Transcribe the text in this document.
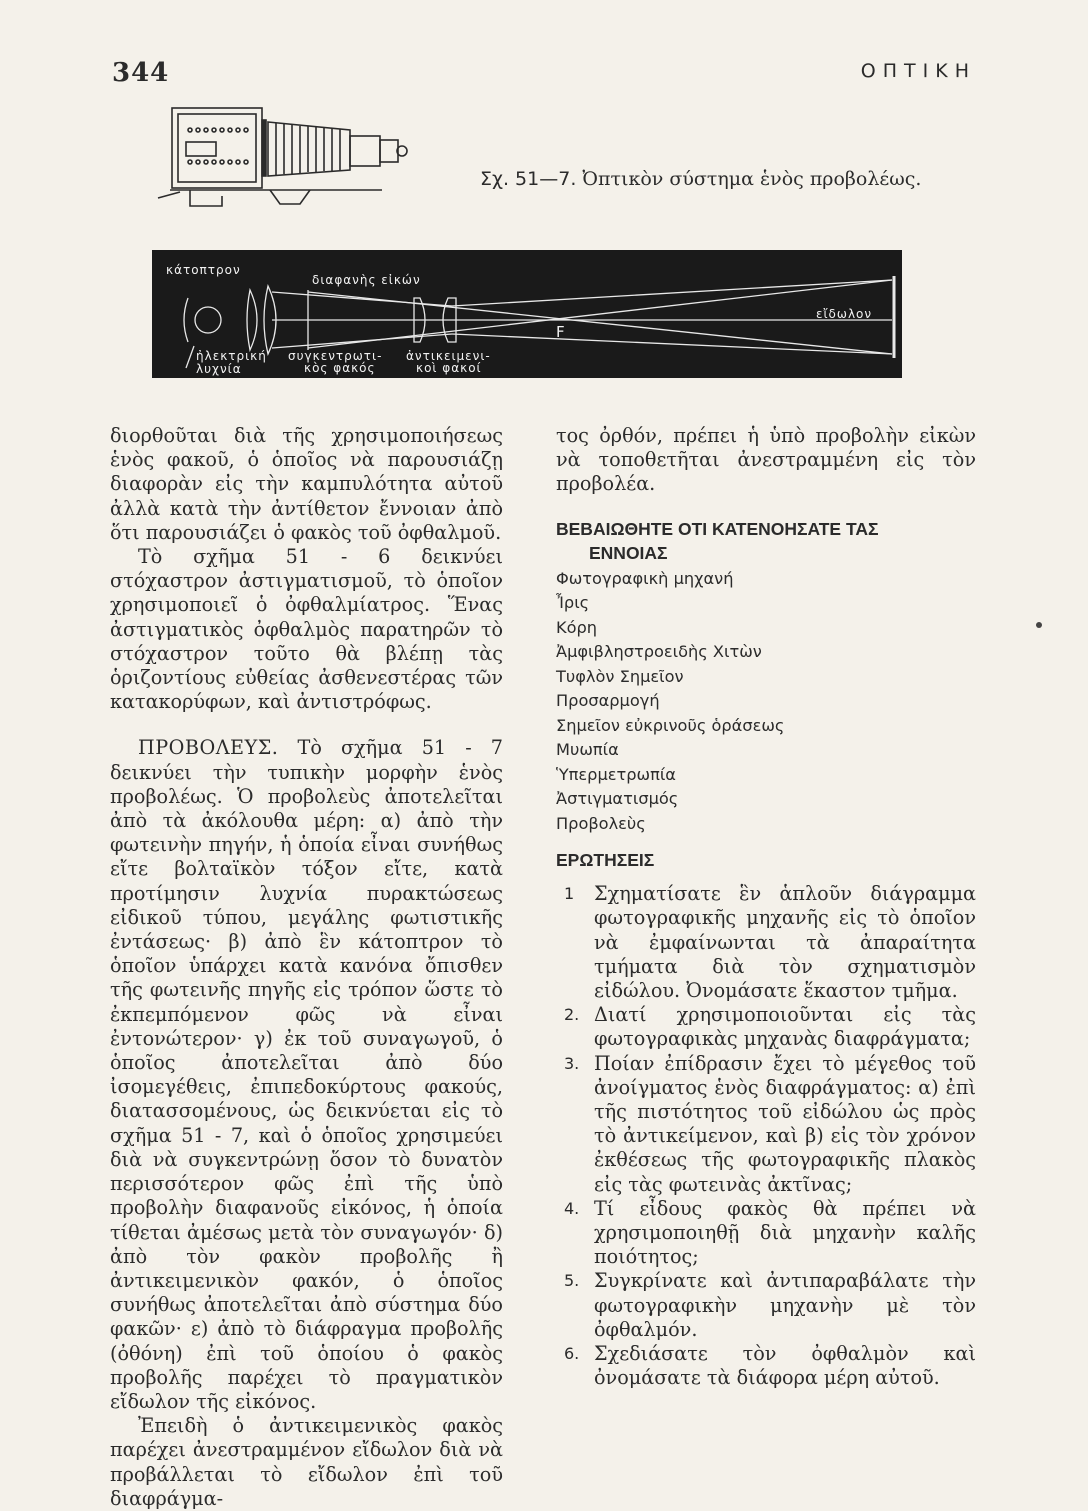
344	ΟΠΤΙΚΗ
Σχ. 51—7. Ὀπτικὸν σύστημα ἑνὸς προβολέως.
κάτοπτρον
διαφανὴς εἰκών
ἠλεκτρική
λυχνία
συγκεντρωτι-
κὸς φακός
ἀντικειμενι-
κοὶ φακοί
F
εἴδωλον

διορθοῦται διὰ τῆς χρησιμοποιήσεως ἑνὸς φακοῦ, ὁ ὁποῖος νὰ παρουσιάζῃ διαφορὰν εἰς τὴν καμπυλότητα αὐτοῦ ἀλλὰ κατὰ τὴν ἀντίθετον ἔννοιαν ἀπὸ ὅτι παρουσιάζει ὁ φακὸς τοῦ ὀφθαλμοῦ.

Τὸ σχῆμα 51 - 6 δεικνύει στόχαστρον ἀστιγματισμοῦ, τὸ ὁποῖον χρησιμοποιεῖ ὁ ὀφθαλμίατρος. Ἕνας ἀστιγματικὸς ὀφθαλμὸς παρατηρῶν τὸ στόχαστρον τοῦτο θὰ βλέπῃ τὰς ὁριζοντίους εὐθείας ἀσθενεστέρας τῶν κατακορύφων, καὶ ἀντιστρόφως.

ΠΡΟΒΟΛΕΥΣ. Τὸ σχῆμα 51 - 7 δεικνύει τὴν τυπικὴν μορφὴν ἑνὸς προβολέως. Ὁ προβολεὺς ἀποτελεῖται ἀπὸ τὰ ἀκόλουθα μέρη: α) ἀπὸ τὴν φωτεινὴν πηγήν, ἡ ὁποία εἶναι συνήθως εἴτε βολταϊκὸν τόξον εἴτε, κατὰ προτίμησιν λυχνία πυρακτώσεως εἰδικοῦ τύπου, μεγάλης φωτιστικῆς ἐντάσεως· β) ἀπὸ ἓν κάτοπτρον τὸ ὁποῖον ὑπάρχει κατὰ κανόνα ὄπισθεν τῆς φωτεινῆς πηγῆς εἰς τρόπον ὥστε τὸ ἐκπεμπόμενον φῶς νὰ εἶναι ἐντονώτερον· γ) ἐκ τοῦ συναγωγοῦ, ὁ ὁποῖος ἀποτελεῖται ἀπὸ δύο ἰσομεγέθεις, ἐπιπεδοκύρτους φακούς, διατασσομένους, ὡς δεικνύεται εἰς τὸ σχῆμα 51 - 7, καὶ ὁ ὁποῖος χρησιμεύει διὰ νὰ συγκεντρώνῃ ὅσον τὸ δυνατὸν περισσότερον φῶς ἐπὶ τῆς ὑπὸ προβολὴν διαφανοῦς εἰκόνος, ἡ ὁποία τίθεται ἀμέσως μετὰ τὸν συναγωγόν· δ) ἀπὸ τὸν φακὸν προβολῆς ἢ ἀντικειμενικὸν φακόν, ὁ ὁποῖος συνήθως ἀποτελεῖται ἀπὸ σύστημα δύο φακῶν· ε) ἀπὸ τὸ διάφραγμα προβολῆς (ὀθόνη) ἐπὶ τοῦ ὁποίου ὁ φακὸς προβολῆς παρέχει τὸ πραγματικὸν εἴδωλον τῆς εἰκόνος.

Ἐπειδὴ ὁ ἀντικειμενικὸς φακὸς παρέχει ἀνεστραμμένον εἴδωλον διὰ νὰ προβάλλεται τὸ εἴδωλον ἐπὶ τοῦ διαφράγμα-

τος ὀρθόν, πρέπει ἡ ὑπὸ προβολὴν εἰκὼν νὰ τοποθετῆται ἀνεστραμμένη εἰς τὸν προβολέα.

ΒΕΒΑΙΩΘΗΤΕ ΟΤΙ ΚΑΤΕΝΟΗΣΑΤΕ ΤΑΣ
ΕΝΝΟΙΑΣ
Φωτογραφικὴ μηχανή
Ἶρις
Κόρη
Ἀμφιβληστροειδὴς Χιτὼν
Τυφλὸν Σημεῖον
Προσαρμογή
Σημεῖον εὐκρινοῦς ὁράσεως
Μυωπία
Ὑπερμετρωπία
Ἀστιγματισμός
Προβολεὺς
ΕΡΩΤΗΣΕΙΣ
1	Σχηματίσατε ἓν ἁπλοῦν διάγραμμα φωτογραφικῆς μηχανῆς εἰς τὸ ὁποῖον νὰ ἐμφαίνωνται τὰ ἀπαραίτητα τμήματα διὰ τὸν σχηματισμὸν εἰδώλου. Ὀνομάσατε ἕκαστον τμῆμα.
2. Διατί χρησιμοποιοῦνται εἰς τὰς φωτογραφικὰς μηχανὰς διαφράγματα;
3. Ποίαν ἐπίδρασιν ἔχει τὸ μέγεθος τοῦ ἀνοίγματος ἑνὸς διαφράγματος: α) ἐπὶ τῆς πιστότητος τοῦ εἰδώλου ὡς πρὸς τὸ ἀντικείμενον, καὶ β) εἰς τὸν χρόνον ἐκθέσεως τῆς φωτογραφικῆς πλακὸς εἰς τὰς φωτεινὰς ἀκτῖνας;
4. Τί εἶδους φακὸς θὰ πρέπει νὰ χρησιμοποιηθῇ διὰ μηχανὴν καλῆς ποιότητος;
5. Συγκρίνατε καὶ ἀντιπαραβάλατε τὴν φωτογραφικὴν μηχανὴν μὲ τὸν ὀφθαλμόν.
6. Σχεδιάσατε τὸν ὀφθαλμὸν καὶ ὀνομάσατε τὰ διάφορα μέρη αὐτοῦ.
